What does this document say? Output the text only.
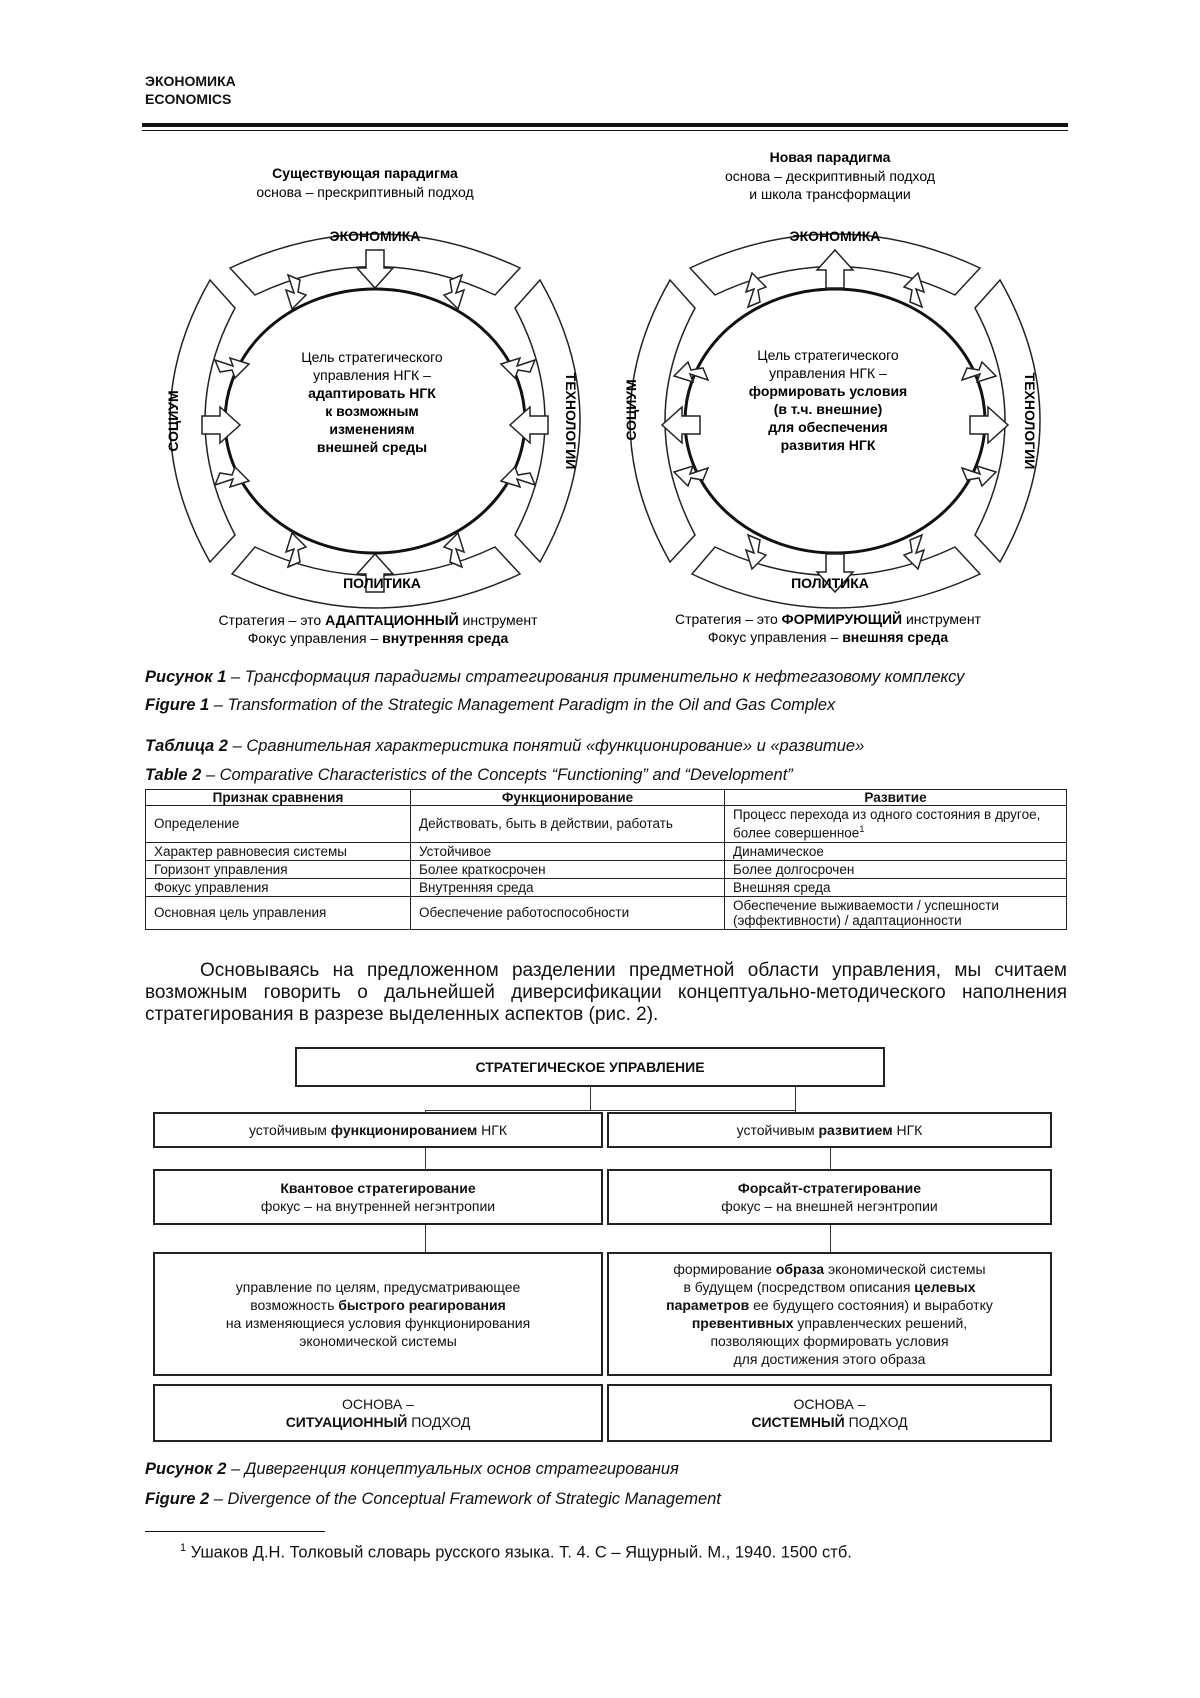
ЭКОНОМИКА
ECONOMICS
Существующая парадигма
основа – прескриптивный подход
ЭКОНОМИКА
ПОЛИТИКА
СОЦИУМ	ТЕХНОЛОГИИ
Цель стратегического
управления НГК –
адаптировать НГК
к возможным
изменениям
внешней среды
Стратегия – это АДАПТАЦИОННЫЙ инструмент
Фокус управления – внутренняя среда
Новая парадигма
основа – дескриптивный подход
и школа трансформации
ЭКОНОМИКА
ПОЛИТИКА
СОЦИУМ	ТЕХНОЛОГИИ
Цель стратегического
управления НГК –
формировать условия
(в т.ч. внешние)
для обеспечения
развития НГК
Стратегия – это ФОРМИРУЮЩИЙ инструмент
Фокус управления – внешняя среда
Рисунок 1 – Трансформация парадигмы стратегирования применительно к нефтегазовому комплексу
Figure 1 – Transformation of the Strategic Management Paradigm in the Oil and Gas Complex
Таблица 2 – Сравнительная характеристика понятий «функционирование» и «развитие»
Table 2 – Comparative Characteristics of the Concepts “Functioning” and “Development”
Признак сравнения	Функционирование	Развитие
Определение	Действовать, быть в действии, работать	Процесс перехода из одного состояния в другое, более совершенное$^1$
Характер равновесия системы	Устойчивое	Динамическое
Горизонт управления	Более краткосрочен	Более долгосрочен
Фокус управления	Внутренняя среда	Внешняя среда
Основная цель управления	Обеспечение работоспособности	Обеспечение выживаемости / успешности (эффективности) / адаптационности
Основываясь на предложенном разделении предметной области управления, мы считаем возможным говорить о дальнейшей диверсификации концептуально-методического наполнения стратегирования в разрезе выделенных аспектов (рис. 2).
СТРАТЕГИЧЕСКОЕ УПРАВЛЕНИЕ
устойчивым функционированием НГК	устойчивым развитием НГК
Квантовое стратегирование
фокус – на внутренней негэнтропии
Форсайт-стратегирование
фокус – на внешней негэнтропии
управление по целям, предусматривающее
возможность быстрого реагирования
на изменяющиеся условия функционирования
экономической системы
формирование образа экономической системы
в будущем (посредством описания целевых
параметров ее будущего состояния) и выработку
превентивных управленческих решений,
позволяющих формировать условия
для достижения этого образа
ОСНОВА –
СИТУАЦИОННЫЙ ПОДХОД
ОСНОВА –
СИСТЕМНЫЙ ПОДХОД
Рисунок 2 – Дивергенция концептуальных основ стратегирования
Figure 2 – Divergence of the Conceptual Framework of Strategic Management
$^1$ Ушаков Д.Н. Толковый словарь русского языка. Т. 4. С – Ящурный. М., 1940. 1500 стб.
